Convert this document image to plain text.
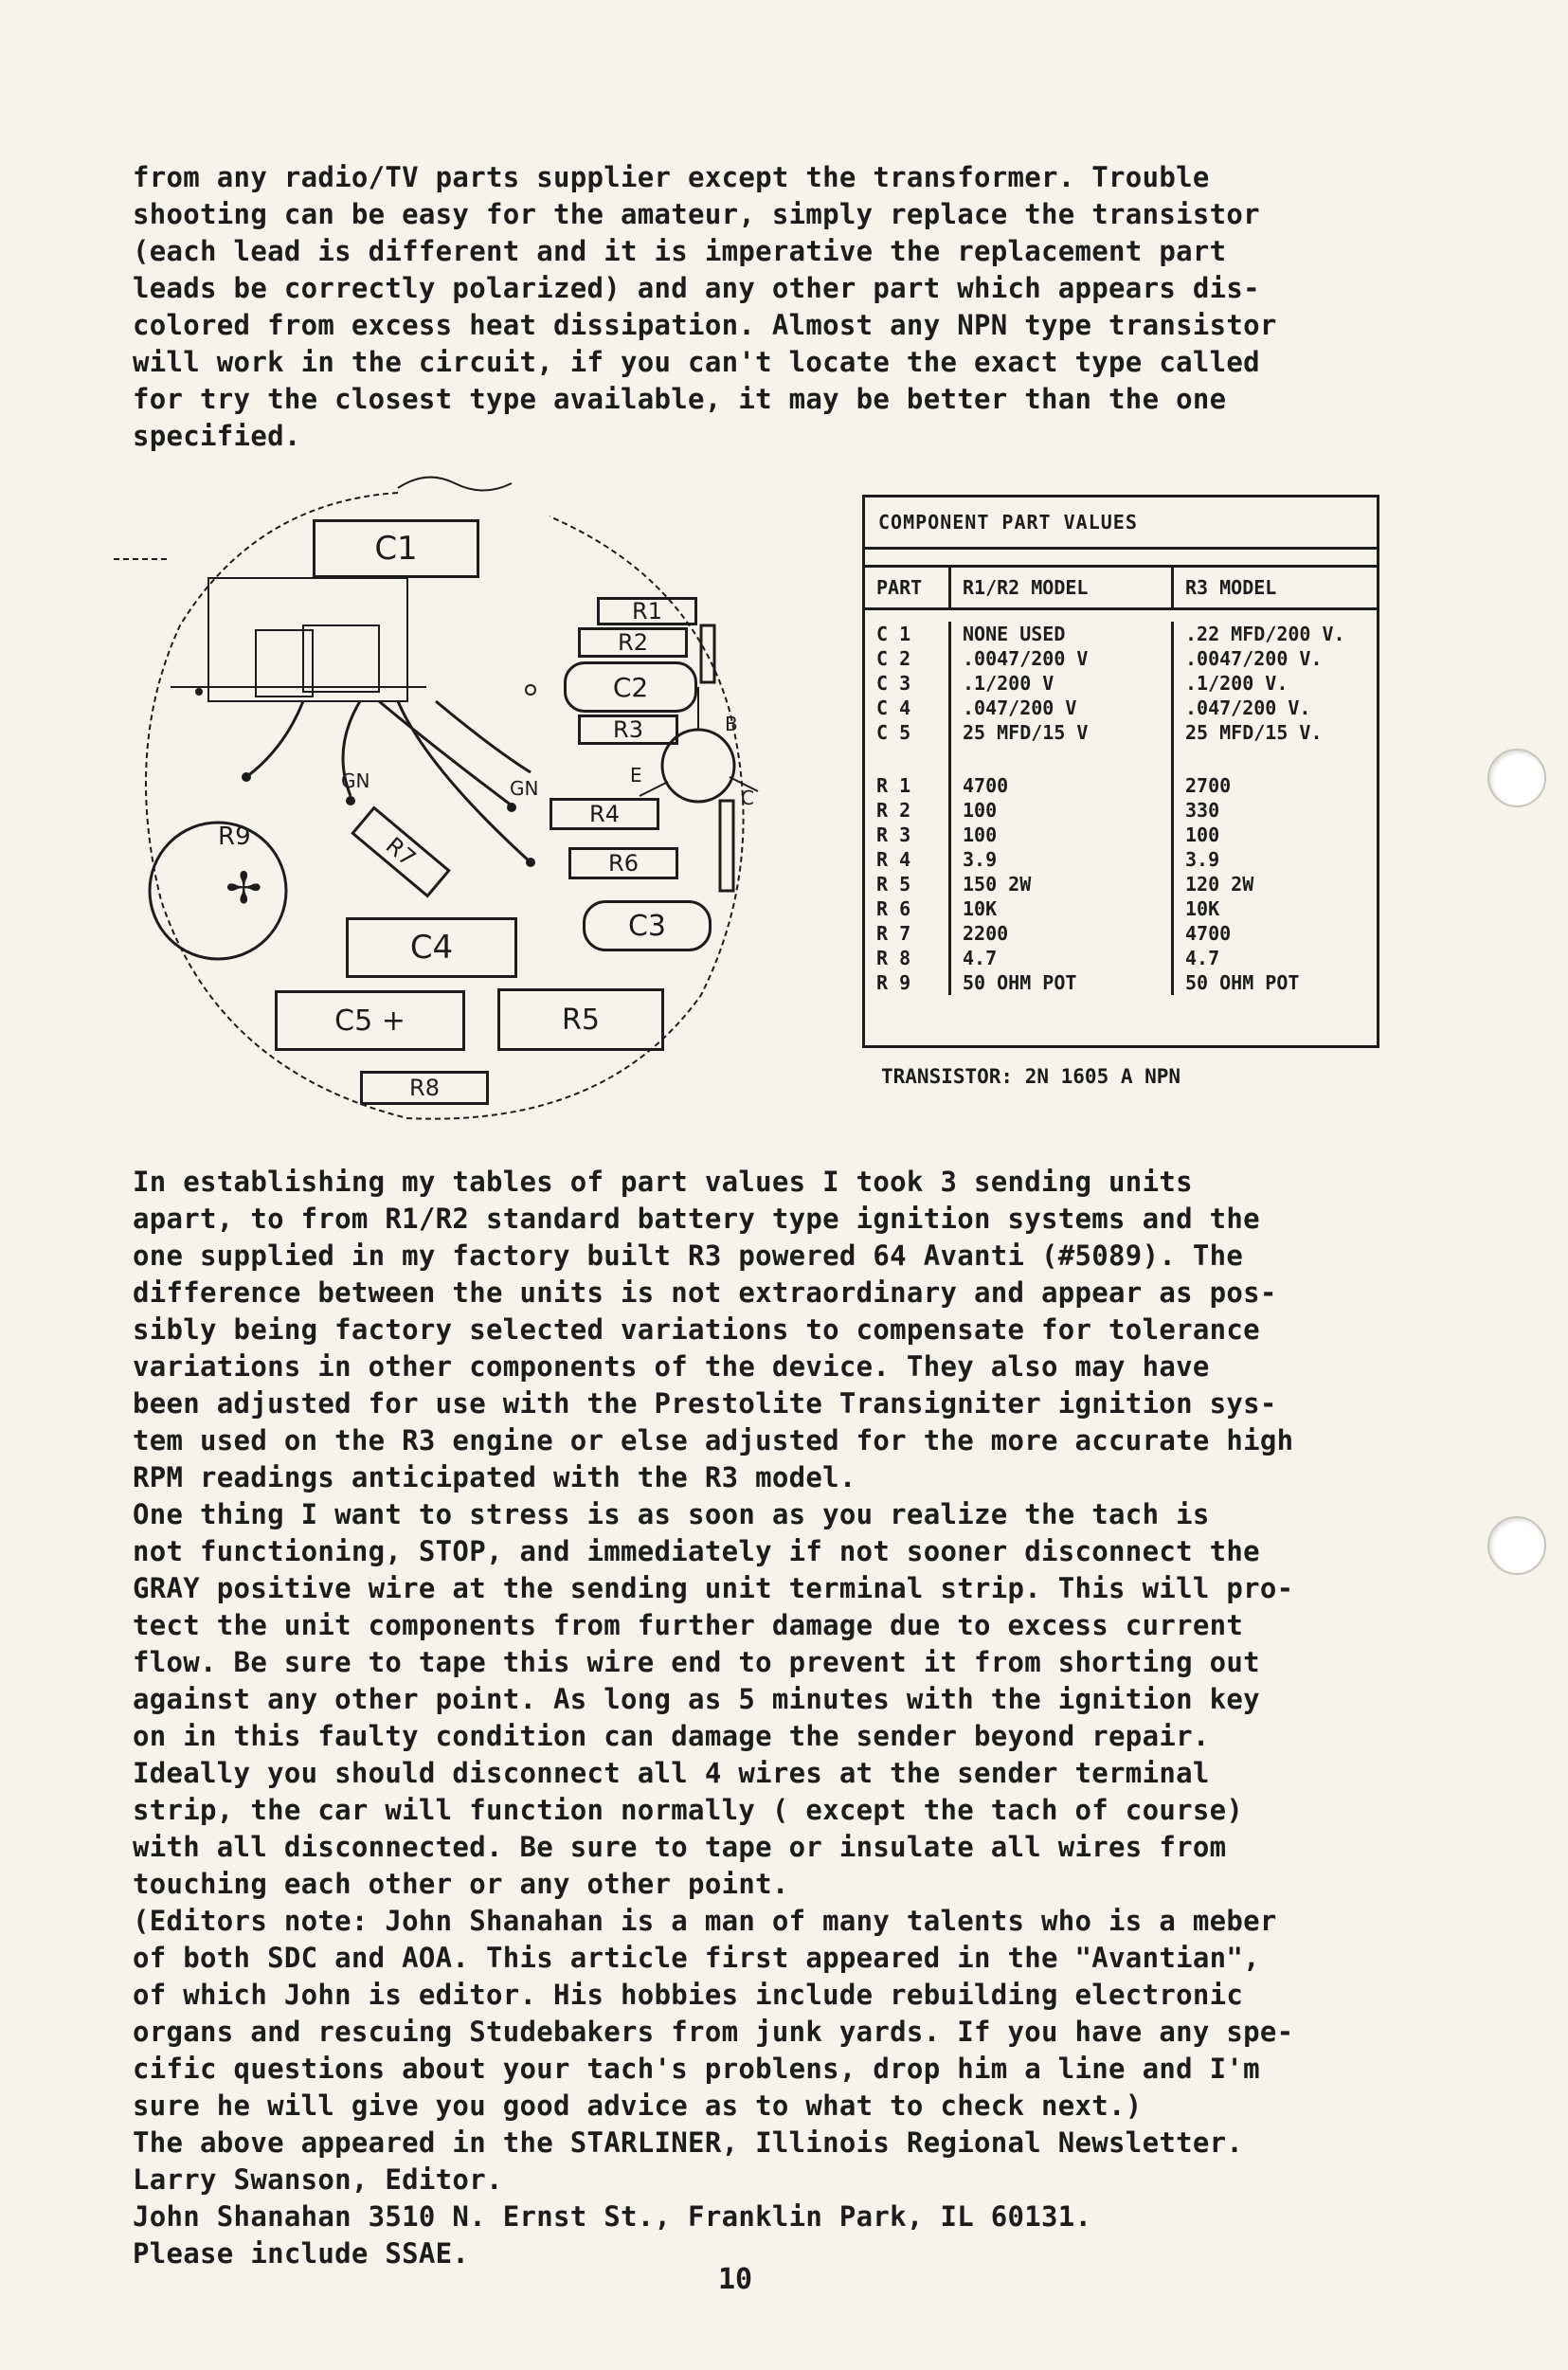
from any radio/TV parts supplier except the transformer. Trouble
shooting can be easy for the amateur, simply replace the transistor
(each lead is different and it is imperative the replacement part
leads be correctly polarized) and any other part which appears dis-
colored from excess heat dissipation. Almost any NPN type transistor
will work in the circuit, if you can't locate the exact type called
for try the closest type available, it may be better than the one
specified.
C1
R1
R2
C2
R3
R4
R6
C3
R7
C4
C5 +	R5
R8
R9
✢
GN	GN
B
E
C
COMPONENT PART VALUES
PART	R1/R2 MODEL	R3 MODEL
C 1	NONE USED	.22 MFD/200 V.
C 2	.0047/200 V	.0047/200 V.
C 3	.1/200 V	.1/200 V.
C 4	.047/200 V	.047/200 V.
C 5	25 MFD/15 V	25 MFD/15 V.
R 1	4700	2700
R 2	100	330
R 3	100	100
R 4	3.9	3.9
R 5	150 2W	120 2W
R 6	10K	10K
R 7	2200	4700
R 8	4.7	4.7
R 9	50 OHM POT	50 OHM POT
TRANSISTOR: 2N 1605 A NPN
In establishing my tables of part values I took 3 sending units
apart, to from R1/R2 standard battery type ignition systems and the
one supplied in my factory built R3 powered 64 Avanti (#5089). The
difference between the units is not extraordinary and appear as pos-
sibly being factory selected variations to compensate for tolerance
variations in other components of the device. They also may have
been adjusted for use with the Prestolite Transigniter ignition sys-
tem used on the R3 engine or else adjusted for the more accurate high
RPM readings anticipated with the R3 model.
One thing I want to stress is as soon as you realize the tach is
not functioning, STOP, and immediately if not sooner disconnect the
GRAY positive wire at the sending unit terminal strip. This will pro-
tect the unit components from further damage due to excess current
flow. Be sure to tape this wire end to prevent it from shorting out
against any other point. As long as 5 minutes with the ignition key
on in this faulty condition can damage the sender beyond repair.
Ideally you should disconnect all 4 wires at the sender terminal
strip, the car will function normally ( except the tach of course)
with all disconnected. Be sure to tape or insulate all wires from
touching each other or any other point.
(Editors note: John Shanahan is a man of many talents who is a meber
of both SDC and AOA. This article first appeared in the "Avantian",
of which John is editor. His hobbies include rebuilding electronic
organs and rescuing Studebakers from junk yards. If you have any spe-
cific questions about your tach's problens, drop him a line and I'm
sure he will give you good advice as to what to check next.)
The above appeared in the STARLINER, Illinois Regional Newsletter.
Larry Swanson, Editor.
John Shanahan 3510 N. Ernst St., Franklin Park, IL 60131.
Please include SSAE.
10
